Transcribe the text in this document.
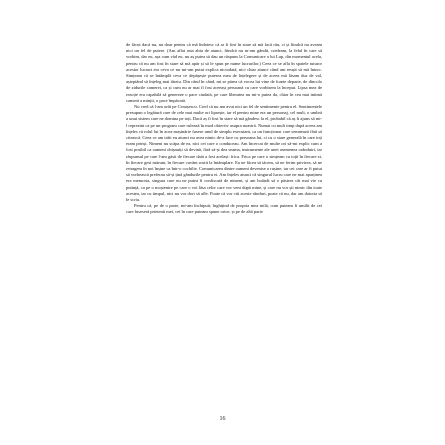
de făcut dacă nu, nu doar pentru că mă îndoiesc că ar fi fost în stare să mă facă rău, ci și fiindcă nu aveam nici un fel de putere. (Am aflat asta abia de atunci, fiindcă nu m-am gândit, credeam, la felul în care să vorbim, dar eu, așa cum văd eu, nu aș putea să dau un răspuns la Comunicare a lui Lup, din momentul acela, pentru că nu am fost în stare să mă apăr și să le spun pe nume lucrurilor.) Ceea ce se afla în spatele tuturor acestor lucruri era ceva ce nu mi-am putut explica niciodată, nici chiar atunci când am reușit să mă întorc. Simțeam că se întâmplă ceva ce depășește puterea mea de înțelegere și de aceea mă lăsam dus de val, așteptând să înțeleg mai târziu. Din când în când, mi se părea că vocea lui vine de foarte departe, de dincolo de zidurile camerei, ca și cum nu ar mai fi fost aceeași persoană cu care vorbisem la început. Lipsa mea de reacție era capabilă să genereze o pace ciudată, pe care liberatea nu mi-o putea da, chiar în cea mai intimă cameră a minții, o pace împăcată.

Nu cred că l-am urât pe Ceaușescu. Cred că nu am avut nici un fel de sentimente pentru el. Sentimentele presupun o legătură care de cele mai multe ori lipsește, iar el pentru mine era un personaj, cel mult, o umbră a unui sistem care ne domina pe toți. Dacă aș fi fost în stare să mă gândesc la el, probabil că aș fi ajuns să mi-l reprezint ca pe un program care rulează în mod obiectiv asupra noastră. Numai cu mult timp după aceea am înțeles că rolul lui în acea mașinărie fusese unul de simplu executant, ca un funcționar care semnează fără să citească. Ceea ce am trăit eu atunci nu avea nimic de-a face cu persoana lui, ci cu o stare generală în care toți eram prinși. Nimeni nu scăpa de ea, nici cei care o conduceau. Am încercat de multe ori să-mi explic cum a fost posibil ca oameni obișnuiți să devină, fără să-și dea seama, instrumente ale unei asemenea orânduiri, iar răspunsul pe care l-am găsit de fiecare dată a fost același: frica. Frica pe care o simțeam cu toții în fiecare zi, în fiecare gest mărunt, în fiecare cuvânt rostit la întâmplare. Ea ne făcea să tăcem, să ne ferim privirea, să ne retragem în noi înșine ca într-o cochilie. Comunicarea dintre oameni devenise o rușine, iar cei care ar fi putut să vorbească preferau să-și țină gândurile pentru ei. Am înțeles atunci că singurul lucru care ne mai aparținea era memoria, singura care nu ne putea fi confiscată de nimeni, și am hotărât să o păstrez cât mai vie cu putință, ca pe o moștenire pe care o voi lăsa celor care vor veni după mine, și care nu vor ști nimic din toate acestea, iar cu timpul, nici nu vor dori să afle. Poate că vor citi aceste rânduri, poate că nu, dar am datoria să le scriu.

Pentru că, pe de o parte, mi-am închipuit, înghițind de propria mea milă, cum puteam fi umilit de cei care fuseseră prietenii mei, cei în care puteam spune orice, și pe de altă parte

16
